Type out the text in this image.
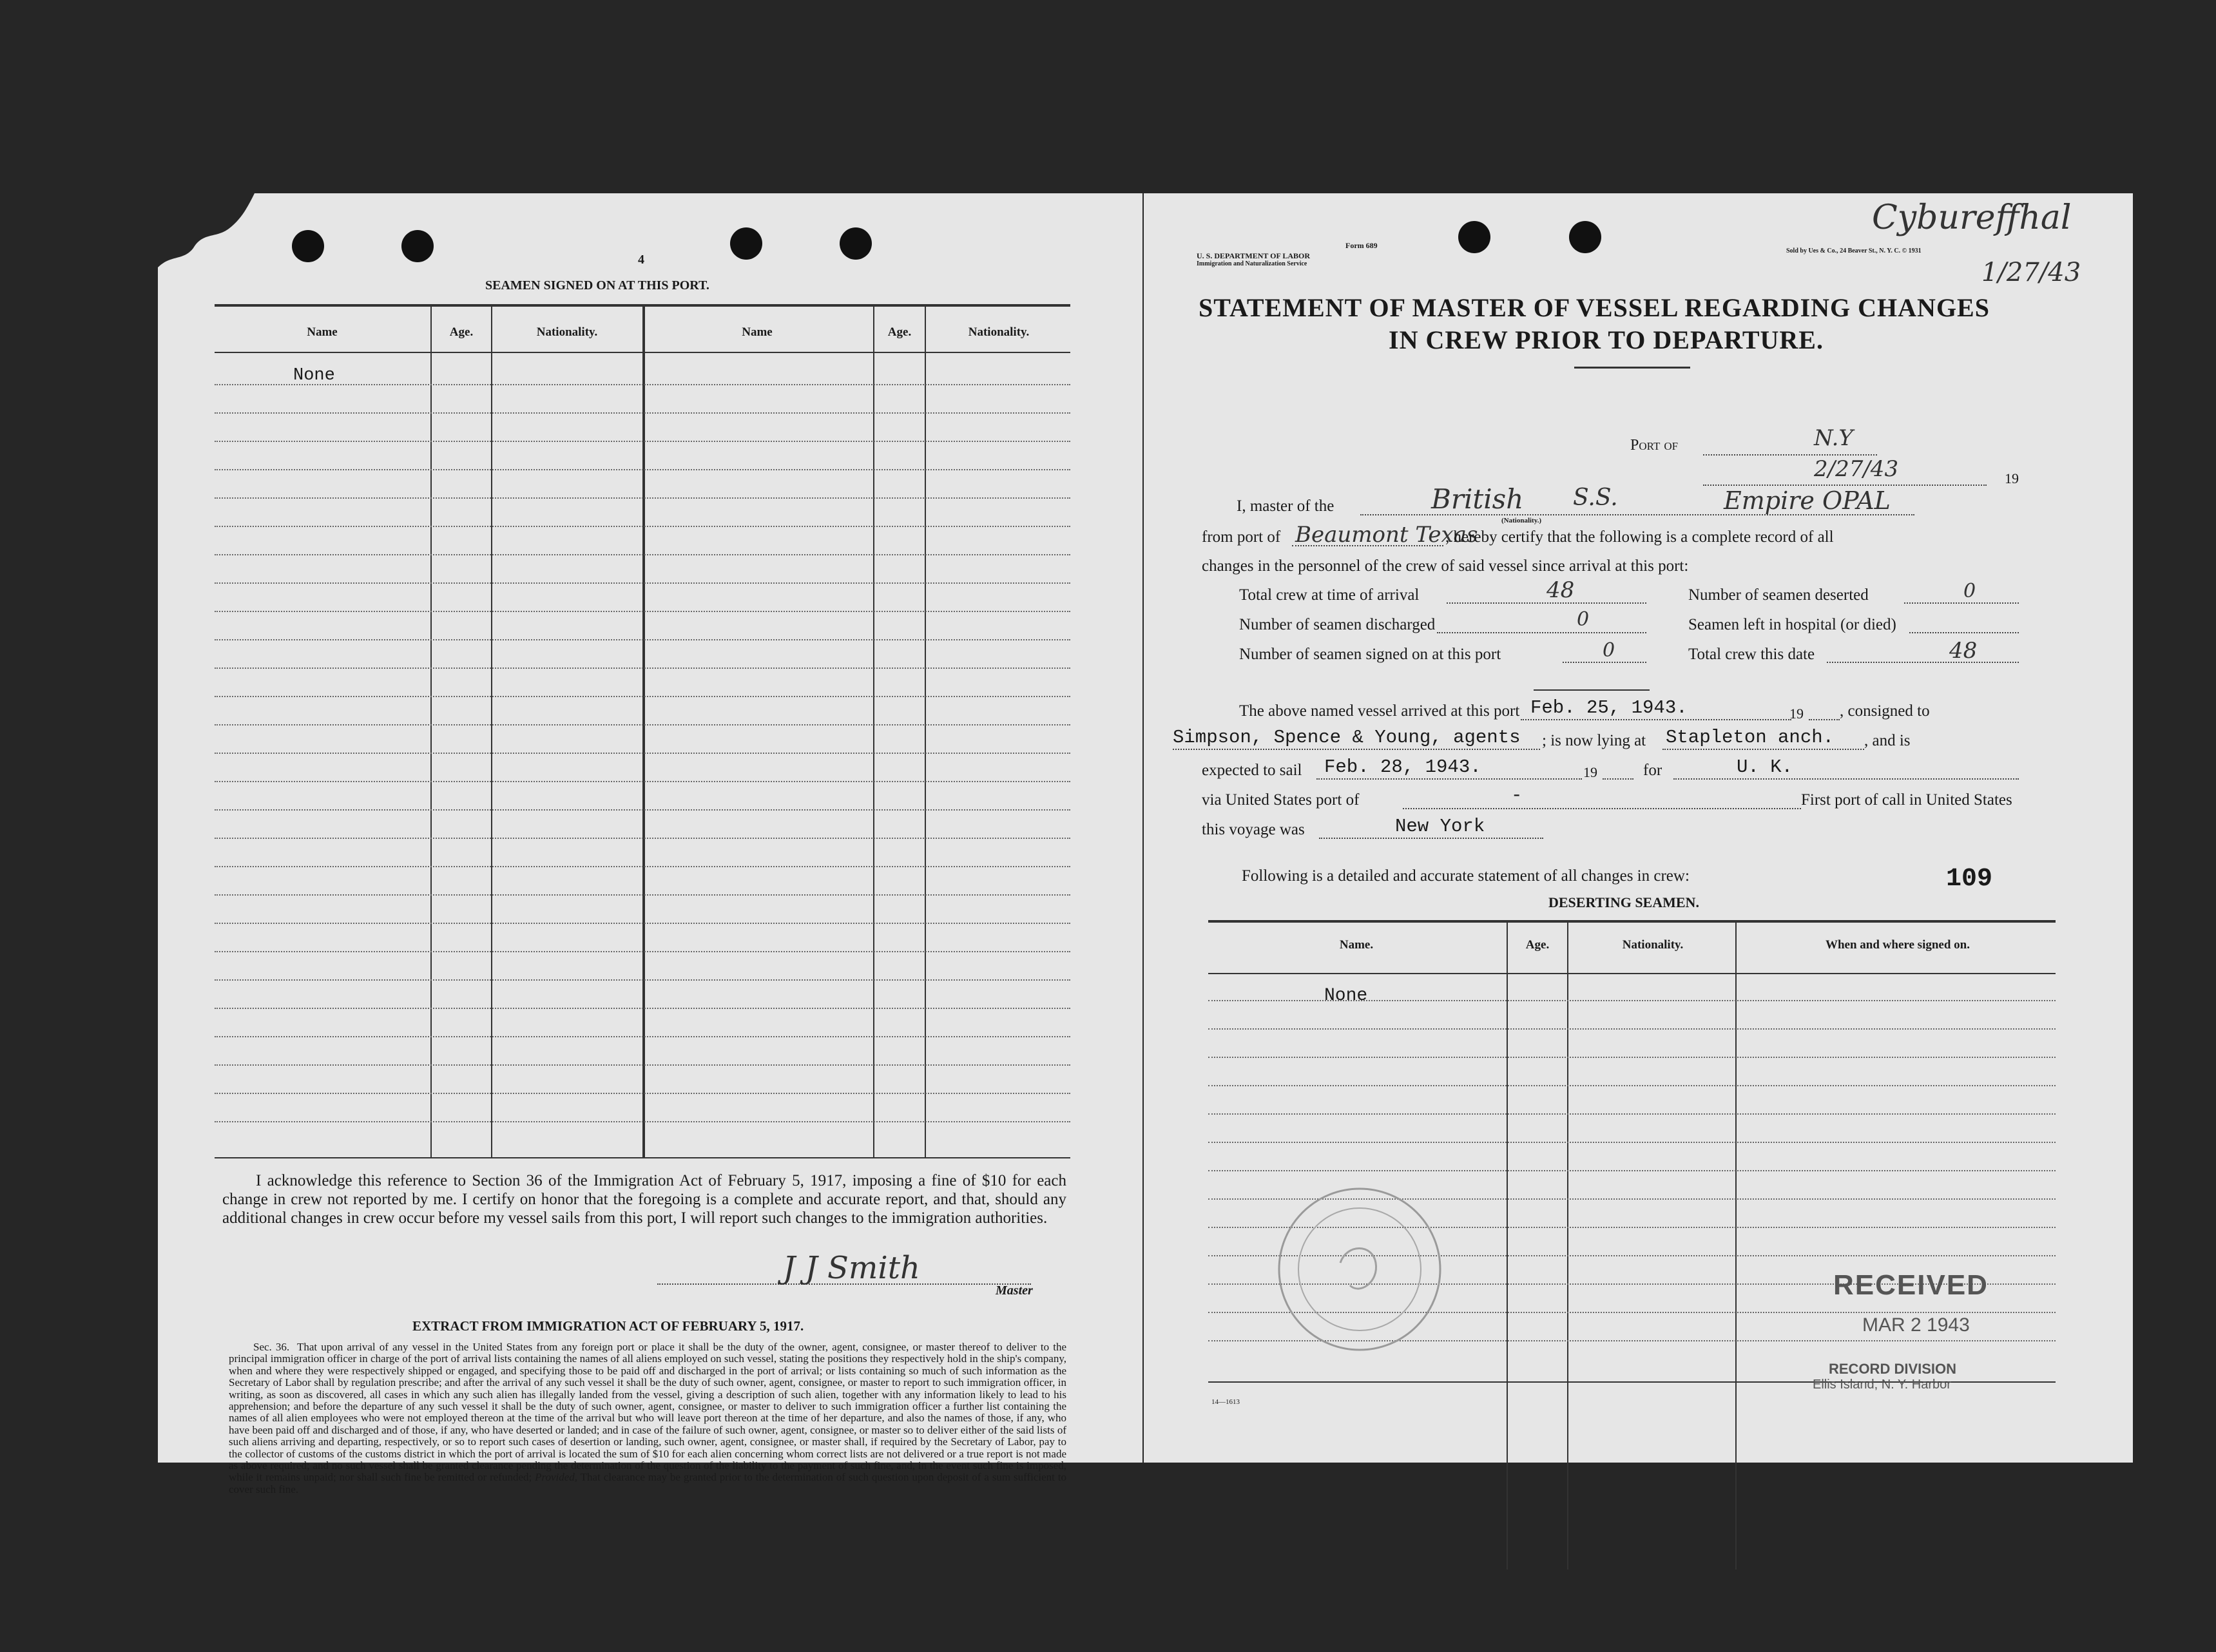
4
SEAMEN SIGNED ON AT THIS PORT.
Name	Age.	Nationality.	Name	Age.	Nationality.
None
I acknowledge this reference to Section 36 of the Immigration Act of February 5, 1917, imposing a fine of $10 for each change in crew not reported by me. I certify on honor that the foregoing is a complete and accurate report, and that, should any additional changes in crew occur before my vessel sails from this port, I will report such changes to the immigration authorities.
J J Smith
Master
EXTRACT FROM IMMIGRATION ACT OF FEBRUARY 5, 1917.
Sec. 36. That upon arrival of any vessel in the United States from any foreign port or place it shall be the duty of the owner, agent, consignee, or master thereof to deliver to the principal immigration officer in charge of the port of arrival lists containing the names of all aliens employed on such vessel, stating the positions they respectively hold in the ship's company, when and where they were respectively shipped or engaged, and specifying those to be paid off and discharged in the port of arrival; or lists containing so much of such information as the Secretary of Labor shall by regulation prescribe; and after the arrival of any such vessel it shall be the duty of such owner, agent, consignee, or master to report to such immigration officer, in writing, as soon as discovered, all cases in which any such alien has illegally landed from the vessel, giving a description of such alien, together with any information likely to lead to his apprehension; and before the departure of any such vessel it shall be the duty of such owner, agent, consignee, or master to deliver to such immigration officer a further list containing the names of all alien employees who were not employed thereon at the time of the arrival but who will leave port thereon at the time of her departure, and also the names of those, if any, who have been paid off and discharged and of those, if any, who have deserted or landed; and in case of the failure of such owner, agent, consignee, or master so to deliver either of the said lists of such aliens arriving and departing, respectively, or so to report such cases of desertion or landing, such owner, agent, consignee, or master shall, if required by the Secretary of Labor, pay to the collector of customs of the customs district in which the port of arrival is located the sum of $10 for each alien concerning whom correct lists are not delivered or a true report is not made as above required; and no such vessel shall be granted clearance pending the determination of the question of the liability to the payment of such fine, and, in the event such fine is imposed, while it remains unpaid; nor shall such fine be remitted or refunded; Provided, That clearance may be granted prior to the determination of such question upon deposit of a sum sufficient to cover such fine.
Form 689
U. S. DEPARTMENT OF LABOR
Immigration and Naturalization Service
Sold by Ues & Co., 24 Beaver St., N. Y. C. © 1931
Cybureffhal
1/27/43
STATEMENT OF MASTER OF VESSEL REGARDING CHANGES
IN CREW PRIOR TO DEPARTURE.
Port of	N.Y
2/27/43	19
I, master of the	British S.S.	Empire OPAL
(Nationality.)
from port of Beaumont Texas
, hereby certify that the following is a complete record of all
changes in the personnel of the crew of said vessel since arrival at this port:
Total crew at time of arrival	48	Number of seamen deserted	0
Number of seamen discharged	0	Seamen left in hospital (or died)
Number of seamen signed on at this port	0	Total crew this date	48
The above named vessel arrived at this port Feb. 25, 1943.	19 , consigned to
Simpson, Spence & Young, agents ; is now lying at Stapleton anch. , and is
expected to sail Feb. 28, 1943.	19	for	U. K.
via United States port of	-	First port of call in United States
this voyage was	New York
Following is a detailed and accurate statement of all changes in crew:	109
DESERTING SEAMEN.
Name.	Age.	Nationality.	When and where signed on.
None
RECEIVED
MAR 2 1943
RECORD DIVISION
Ellis Island, N. Y. Harbor
14—1613
